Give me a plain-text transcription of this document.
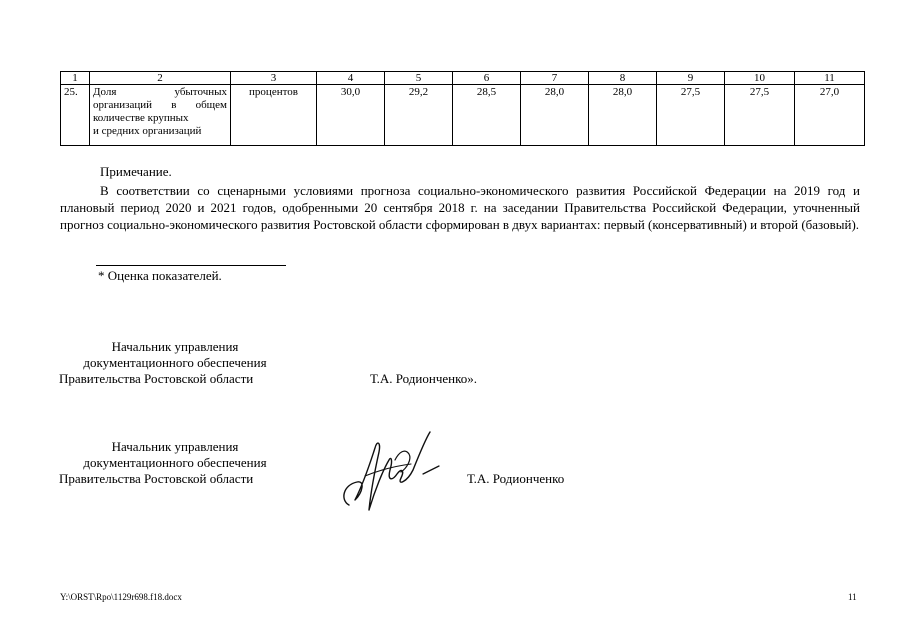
1	2	3	4	5	6	7	8	9	10	11
25.	Доля убыточных
организаций в общем
количестве крупных
и средних организаций	процентов	30,0	29,2	28,5	28,0	28,0	27,5	27,5	27,0
Примечание.
В соответствии со сценарными условиями прогноза социально-экономического развития Российской Федерации на 2019 год и плановый период 2020 и 2021 годов, одобренными 20 сентября 2018 г. на заседании Правительства Российской Федерации, уточненный прогноз социально-экономического развития Ростовской области сформирован в двух вариантах: первый (консервативный) и второй (базовый).
* Оценка показателей.
Начальник управления
документационного обеспечения
Правительства Ростовской области	Т.А. Родионченко».
Начальник управления
документационного обеспечения
Правительства Ростовской области	Т.А. Родионченко
Y:\ORST\Rpo\1129r698.f18.docx	11
